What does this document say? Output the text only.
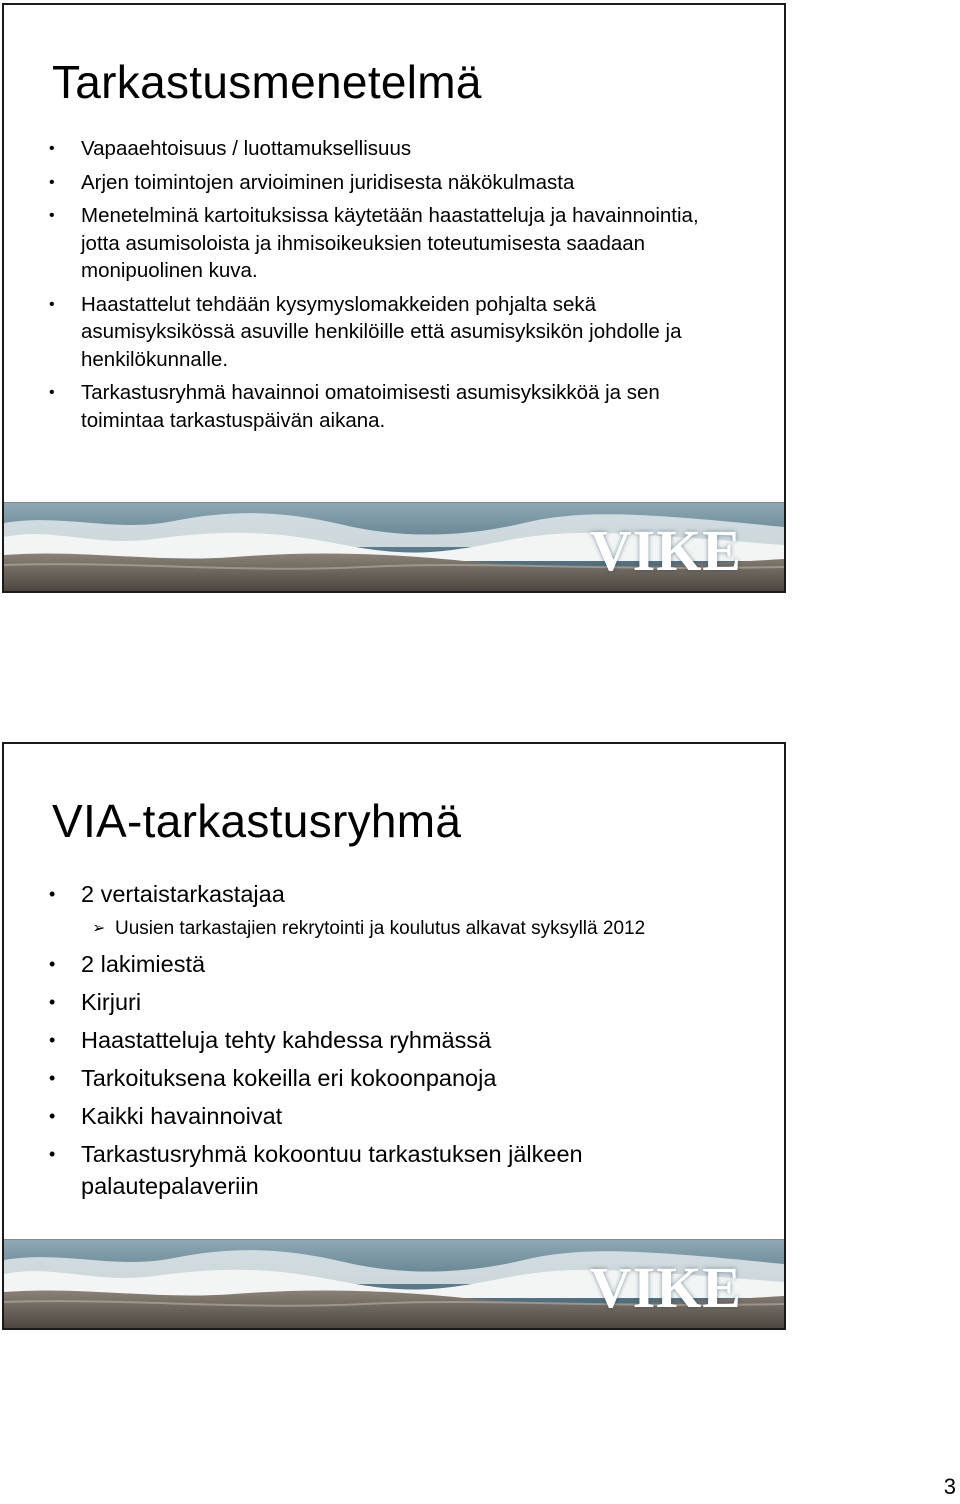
Tarkastusmenetelmä
• Vapaaehtoisuus / luottamuksellisuus
• Arjen toimintojen arvioiminen juridisesta näkökulmasta
• Menetelminä kartoituksissa käytetään haastatteluja ja havainnointia, jotta asumisoloista ja ihmisoikeuksien toteutumisesta saadaan monipuolinen kuva.
• Haastattelut tehdään kysymyslomakkeiden pohjalta sekä asumisyksikössä asuville henkilöille että asumisyksikön johdolle ja henkilökunnalle.
• Tarkastusryhmä havainnoi omatoimisesti asumisyksikköä ja sen toimintaa tarkastuspäivän aikana.
VIKE
VIA-tarkastusryhmä
• 2 vertaistarkastajaa
➢ Uusien tarkastajien rekrytointi ja koulutus alkavat syksyllä 2012
• 2 lakimiestä
• Kirjuri
• Haastatteluja tehty kahdessa ryhmässä
• Tarkoituksena kokeilla eri kokoonpanoja
• Kaikki havainnoivat
• Tarkastusryhmä kokoontuu tarkastuksen jälkeen palautepalaveriin
VIKE
3
